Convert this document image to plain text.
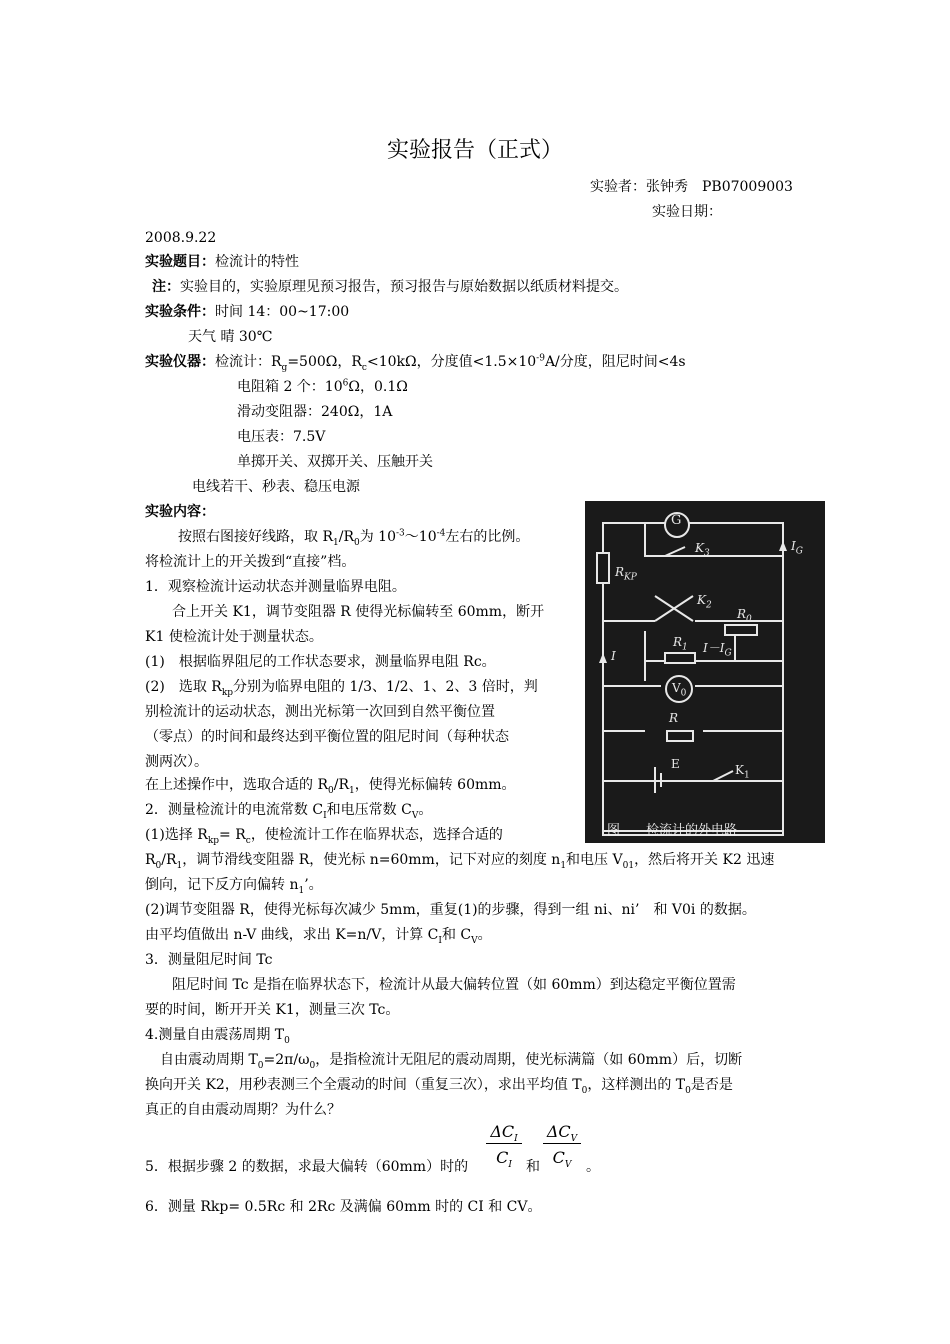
实验报告（正式）
实验者：张钟秀　PB07009003
实验日期：
2008.9.22
实验题目：检流计的特性
注：实验目的，实验原理见预习报告，预习报告与原始数据以纸质材料提交。
实验条件：时间 14：00~17:00
天气 晴 30℃
实验仪器：检流计：$R_g=500\Omega$，$R_c<10k\Omega$，分度值$<1.5\times 10^{-9}A/$分度，阻尼时间<4s
电阻箱 2 个：$10^6\Omega$，0.1Ω
滑动变阻器：240Ω，1A
电压表：7.5V
单掷开关、双掷开关、压触开关
电线若干、秒表、稳压电源
实验内容：
按照右图接好线路，取 $R_1/R_0$为 $10^{-3}\sim 10^{-4}$左右的比例。
将检流计上的开关拨到“直接”档。
1．观察检流计运动状态并测量临界电阻。
合上开关 K1，调节变阻器 R 使得光标偏转至 60mm，断开
K1 使检流计处于测量状态。
(1)　根据临界阻尼的工作状态要求，测量临界电阻 Rc。
(2)　选取 $R_{kp}$分别为临界电阻的 1/3、1/2、1、2、3 倍时，判
别检流计的运动状态，测出光标第一次回到自然平衡位置
（零点）的时间和最终达到平衡位置的阻尼时间（每种状态
测两次）。
在上述操作中，选取合适的 $R_0/R_1$，使得光标偏转 60mm。
2．测量检流计的电流常数 $C_I$和电压常数 $C_V$。
(1)选择 $R_{kp}= R_c$，使检流计工作在临界状态，选择合适的
$R_0/R_1$，调节滑线变阻器 R，使光标 n=60mm，记下对应的刻度 $n_1$和电压 $V_{01}$，然后将开关 K2 迅速
倒向，记下反方向偏转 $n_1$’。
(2)调节变阻器 R，使得光标每次减少 5mm，重复(1)的步骤，得到一组 ni、ni’　和 V0i 的数据。
由平均值做出 n-V 曲线，求出 K=n/V，计算 $C_I$和 $C_V$。
3．测量阻尼时间 Tc
阻尼时间 Tc 是指在临界状态下，检流计从最大偏转位置（如 60mm）到达稳定平衡位置需
要的时间，断开开关 K1，测量三次 Tc。
4.测量自由震荡周期 $T_0$
自由震动周期 $T_0=2\pi/\omega_0$，是指检流计无阻尼的震动周期，使光标满篇（如 60mm）后，切断
换向开关 K2，用秒表测三个全震动的时间（重复三次），求出平均值 $T_0$，这样测出的 $T_0$是否是
真正的自由震动周期？为什么？
$\Delta C_I$
$C_I$
$\Delta C_V$
$C_V$
5．根据步骤 2 的数据，求最大偏转（60mm）时的	和	。
6．测量 Rkp= 0.5Rc 和 2Rc 及满偏 60mm 时的 CI 和 CV。
G
$K_3$
$I_G$
$R_{KP}$
$K_2$
$R_0$
$R_1$ $I-I_G$
I
$V_0$
R
E	$K_1$
图　　检流计的外电路
